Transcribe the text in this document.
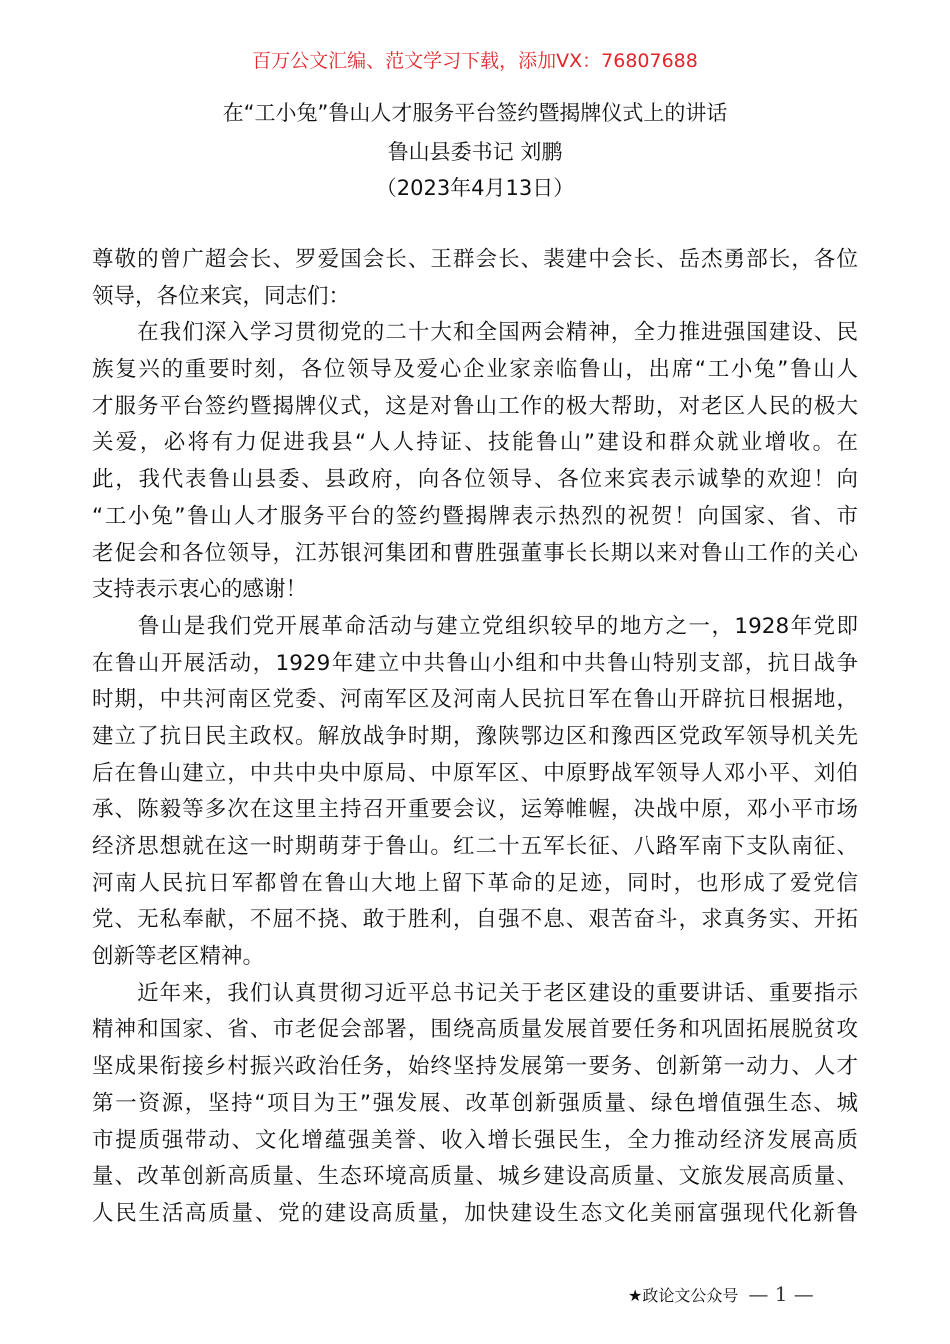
百万公文汇编、范文学习下载，添加VX：76807688
在“工小兔”鲁山人才服务平台签约暨揭牌仪式上的讲话
鲁山县委书记 刘鹏
（2023年4月13日）
尊敬的曾广超会长、罗爱国会长、王群会长、裴建中会长、岳杰勇部长，各位
领导，各位来宾，同志们：
　　在我们深入学习贯彻党的二十大和全国两会精神，全力推进强国建设、民
族复兴的重要时刻，各位领导及爱心企业家亲临鲁山，出席“工小兔”鲁山人
才服务平台签约暨揭牌仪式，这是对鲁山工作的极大帮助，对老区人民的极大
关爱，必将有力促进我县“人人持证、技能鲁山”建设和群众就业增收。在
此，我代表鲁山县委、县政府，向各位领导、各位来宾表示诚挚的欢迎！向
“工小兔”鲁山人才服务平台的签约暨揭牌表示热烈的祝贺！向国家、省、市
老促会和各位领导，江苏银河集团和曹胜强董事长长期以来对鲁山工作的关心
支持表示衷心的感谢！
　　鲁山是我们党开展革命活动与建立党组织较早的地方之一，1928年党即
在鲁山开展活动，1929年建立中共鲁山小组和中共鲁山特别支部，抗日战争
时期，中共河南区党委、河南军区及河南人民抗日军在鲁山开辟抗日根据地，
建立了抗日民主政权。解放战争时期，豫陕鄂边区和豫西区党政军领导机关先
后在鲁山建立，中共中央中原局、中原军区、中原野战军领导人邓小平、刘伯
承、陈毅等多次在这里主持召开重要会议，运筹帷幄，决战中原，邓小平市场
经济思想就在这一时期萌芽于鲁山。红二十五军长征、八路军南下支队南征、
河南人民抗日军都曾在鲁山大地上留下革命的足迹，同时，也形成了爱党信
党、无私奉献，不屈不挠、敢于胜利，自强不息、艰苦奋斗，求真务实、开拓
创新等老区精神。
　　近年来，我们认真贯彻习近平总书记关于老区建设的重要讲话、重要指示
精神和国家、省、市老促会部署，围绕高质量发展首要任务和巩固拓展脱贫攻
坚成果衔接乡村振兴政治任务，始终坚持发展第一要务、创新第一动力、人才
第一资源，坚持“项目为王”强发展、改革创新强质量、绿色增值强生态、城
市提质强带动、文化增蕴强美誉、收入增长强民生，全力推动经济发展高质
量、改革创新高质量、生态环境高质量、城乡建设高质量、文旅发展高质量、
人民生活高质量、党的建设高质量，加快建设生态文化美丽富强现代化新鲁
★政论文公众号 — 1 —
